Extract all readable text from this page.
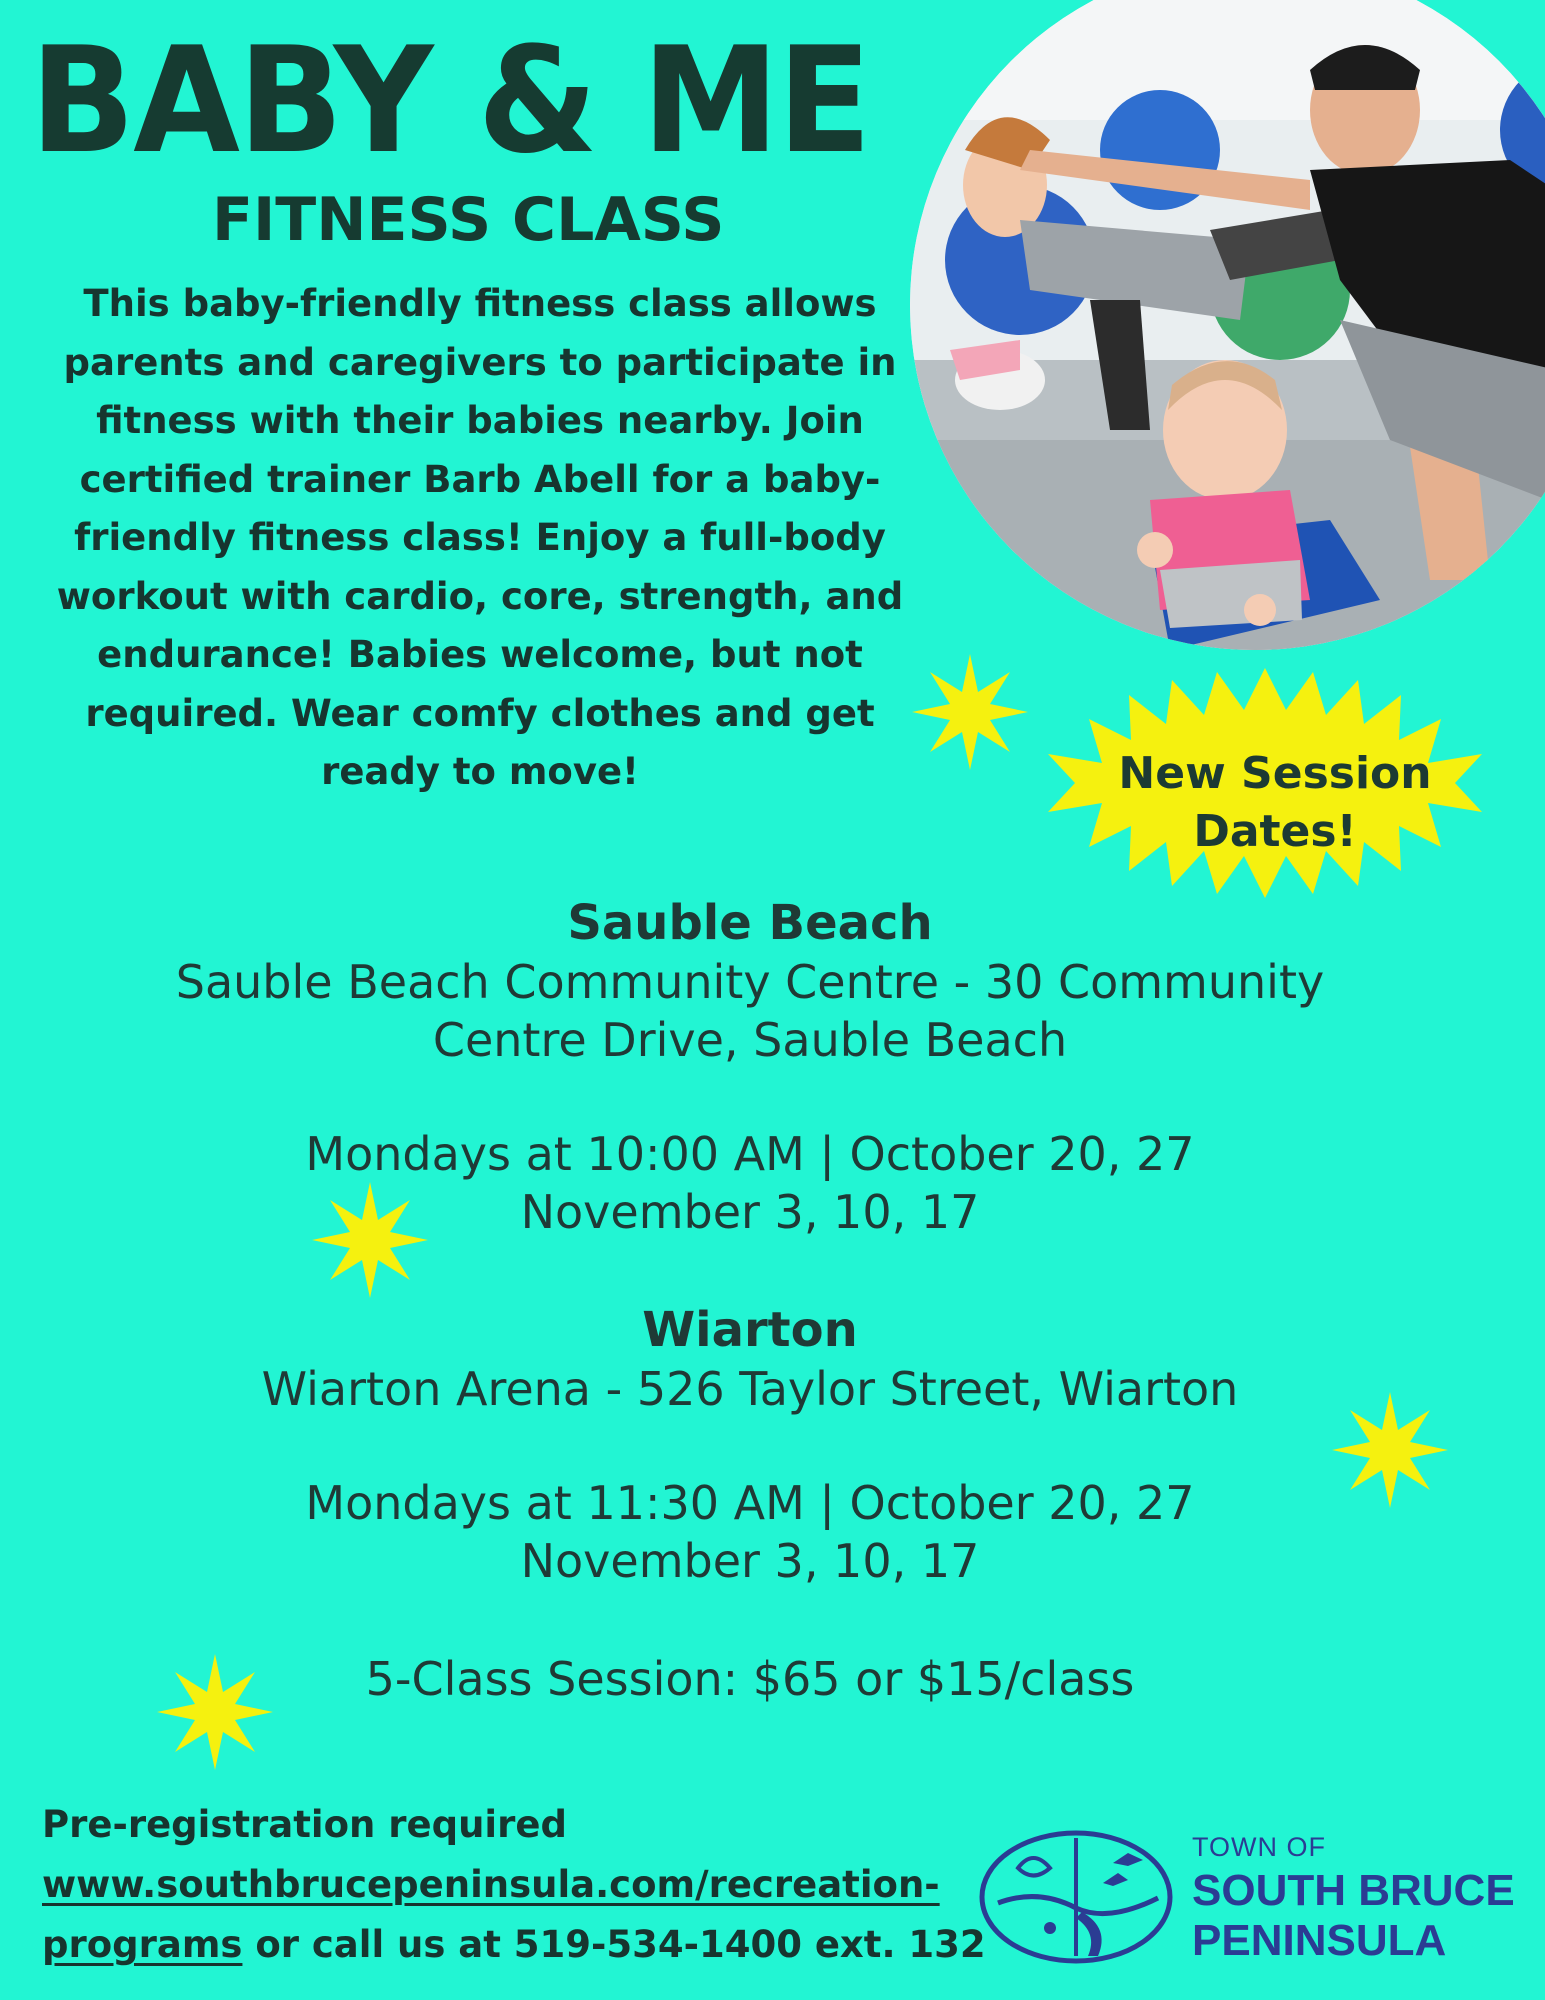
BABY & ME
FITNESS CLASS
This baby-friendly fitness class allows parents and caregivers to participate in fitness with their babies nearby. Join certified trainer Barb Abell for a baby-friendly fitness class! Enjoy a full-body workout with cardio, core, strength, and endurance! Babies welcome, but not required. Wear comfy clothes and get ready to move!	New Session
Dates!
Sauble Beach
Sauble Beach Community Centre - 30 Community
Centre Drive, Sauble Beach
Mondays at 10:00 AM | October 20, 27
November 3, 10, 17
Wiarton
Wiarton Arena - 526 Taylor Street, Wiarton
Mondays at 11:30 AM | October 20, 27
November 3, 10, 17
5-Class Session: $65 or $15/class
Pre-registration required
www.southbrucepeninsula.com/recreation-
programs or call us at 519-534-1400 ext. 132
TOWN OF
SOUTH BRUCE
PENINSULA
